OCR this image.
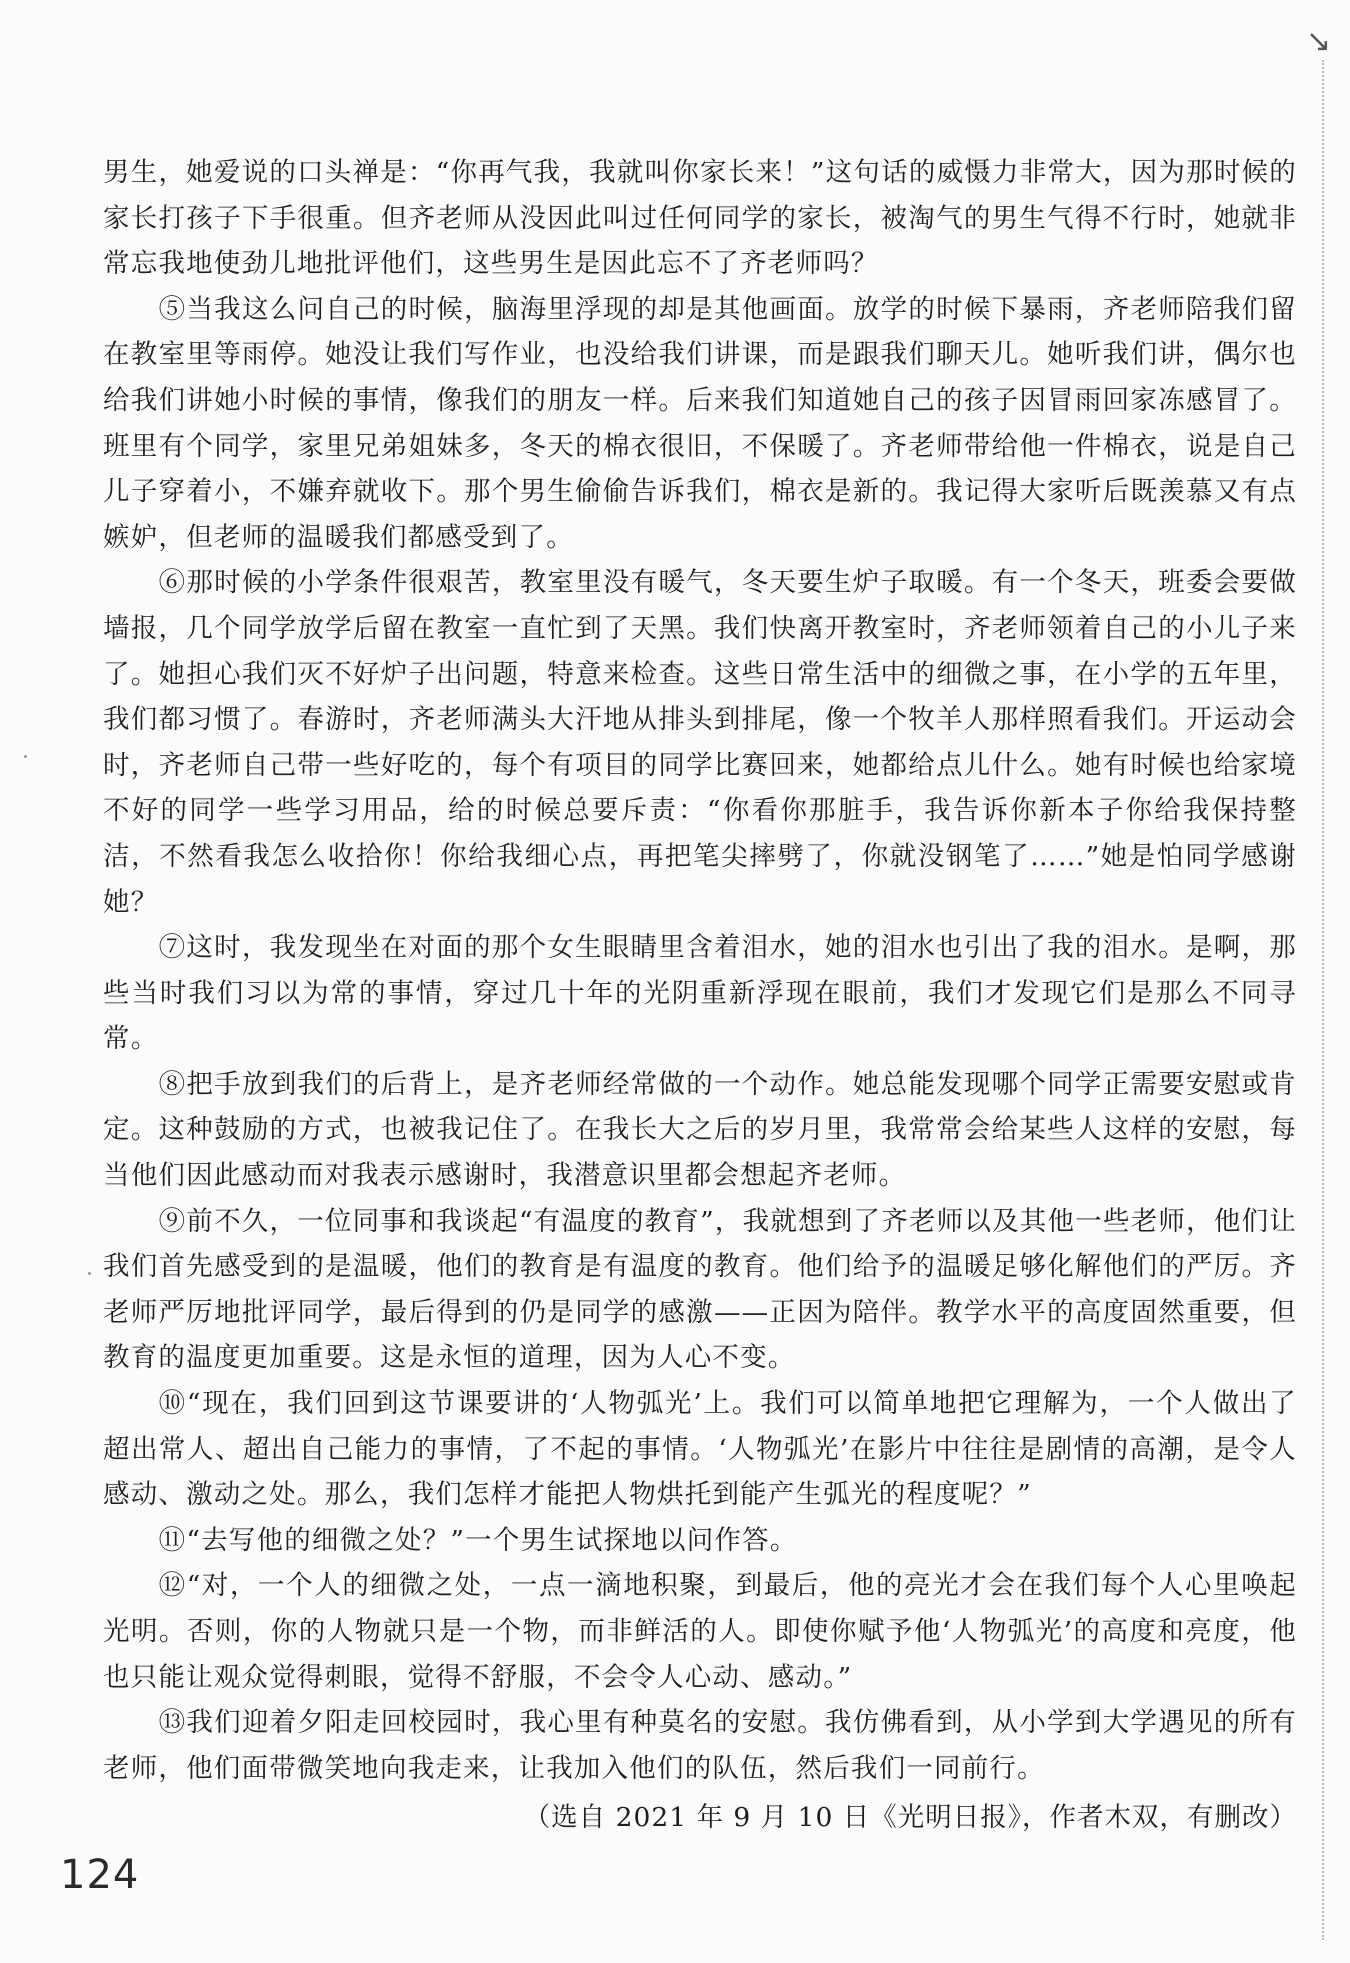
↘

男生，她爱说的口头禅是：“你再气我，我就叫你家长来！”这句话的威慑力非常大，因为那时候的家长打孩子下手很重。但齐老师从没因此叫过任何同学的家长，被淘气的男生气得不行时，她就非常忘我地使劲儿地批评他们，这些男生是因此忘不了齐老师吗？

⑤当我这么问自己的时候，脑海里浮现的却是其他画面。放学的时候下暴雨，齐老师陪我们留在教室里等雨停。她没让我们写作业，也没给我们讲课，而是跟我们聊天儿。她听我们讲，偶尔也给我们讲她小时候的事情，像我们的朋友一样。后来我们知道她自己的孩子因冒雨回家冻感冒了。班里有个同学，家里兄弟姐妹多，冬天的棉衣很旧，不保暖了。齐老师带给他一件棉衣，说是自己儿子穿着小，不嫌弃就收下。那个男生偷偷告诉我们，棉衣是新的。我记得大家听后既羡慕又有点嫉妒，但老师的温暖我们都感受到了。

⑥那时候的小学条件很艰苦，教室里没有暖气，冬天要生炉子取暖。有一个冬天，班委会要做墙报，几个同学放学后留在教室一直忙到了天黑。我们快离开教室时，齐老师领着自己的小儿子来了。她担心我们灭不好炉子出问题，特意来检查。这些日常生活中的细微之事，在小学的五年里，我们都习惯了。春游时，齐老师满头大汗地从排头到排尾，像一个牧羊人那样照看我们。开运动会时，齐老师自己带一些好吃的，每个有项目的同学比赛回来，她都给点儿什么。她有时候也给家境不好的同学一些学习用品，给的时候总要斥责：“你看你那脏手，我告诉你新本子你给我保持整洁，不然看我怎么收拾你！你给我细心点，再把笔尖摔劈了，你就没钢笔了……”她是怕同学感谢她？

⑦这时，我发现坐在对面的那个女生眼睛里含着泪水，她的泪水也引出了我的泪水。是啊，那些当时我们习以为常的事情，穿过几十年的光阴重新浮现在眼前，我们才发现它们是那么不同寻常。

⑧把手放到我们的后背上，是齐老师经常做的一个动作。她总能发现哪个同学正需要安慰或肯定。这种鼓励的方式，也被我记住了。在我长大之后的岁月里，我常常会给某些人这样的安慰，每当他们因此感动而对我表示感谢时，我潜意识里都会想起齐老师。

⑨前不久，一位同事和我谈起“有温度的教育”，我就想到了齐老师以及其他一些老师，他们让我们首先感受到的是温暖，他们的教育是有温度的教育。他们给予的温暖足够化解他们的严厉。齐老师严厉地批评同学，最后得到的仍是同学的感激——正因为陪伴。教学水平的高度固然重要，但教育的温度更加重要。这是永恒的道理，因为人心不变。

⑩“现在，我们回到这节课要讲的‘人物弧光’上。我们可以简单地把它理解为，一个人做出了超出常人、超出自己能力的事情，了不起的事情。‘人物弧光’在影片中往往是剧情的高潮，是令人感动、激动之处。那么，我们怎样才能把人物烘托到能产生弧光的程度呢？”

⑪“去写他的细微之处？”一个男生试探地以问作答。

⑫“对，一个人的细微之处，一点一滴地积聚，到最后，他的亮光才会在我们每个人心里唤起光明。否则，你的人物就只是一个物，而非鲜活的人。即使你赋予他‘人物弧光’的高度和亮度，他也只能让观众觉得刺眼，觉得不舒服，不会令人心动、感动。”

⑬我们迎着夕阳走回校园时，我心里有种莫名的安慰。我仿佛看到，从小学到大学遇见的所有老师，他们面带微笑地向我走来，让我加入他们的队伍，然后我们一同前行。

（选自 2021 年 9 月 10 日《光明日报》，作者木双，有删改）

124
